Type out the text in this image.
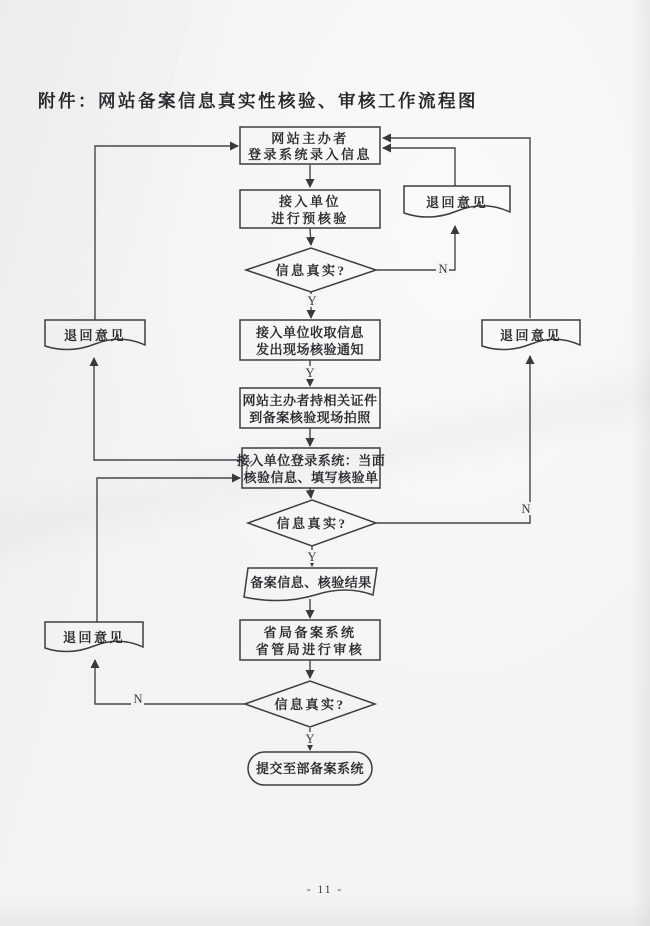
附件：网站备案信息真实性核验、审核工作流程图
Y
N
Y
Y
N
N
Y
网站主办者
登录系统录入信息
接入单位
进行预核验
信息真实?
接入单位收取信息
发出现场核验通知
网站主办者持相关证件
到备案核验现场拍照
接入单位登录系统：当面
核验信息、填写核验单
信息真实?
备案信息、核验结果
省局备案系统
省管局进行审核
信息真实?
提交至部备案系统
退回意见
退回意见
退回意见
退回意见
- 11 -
